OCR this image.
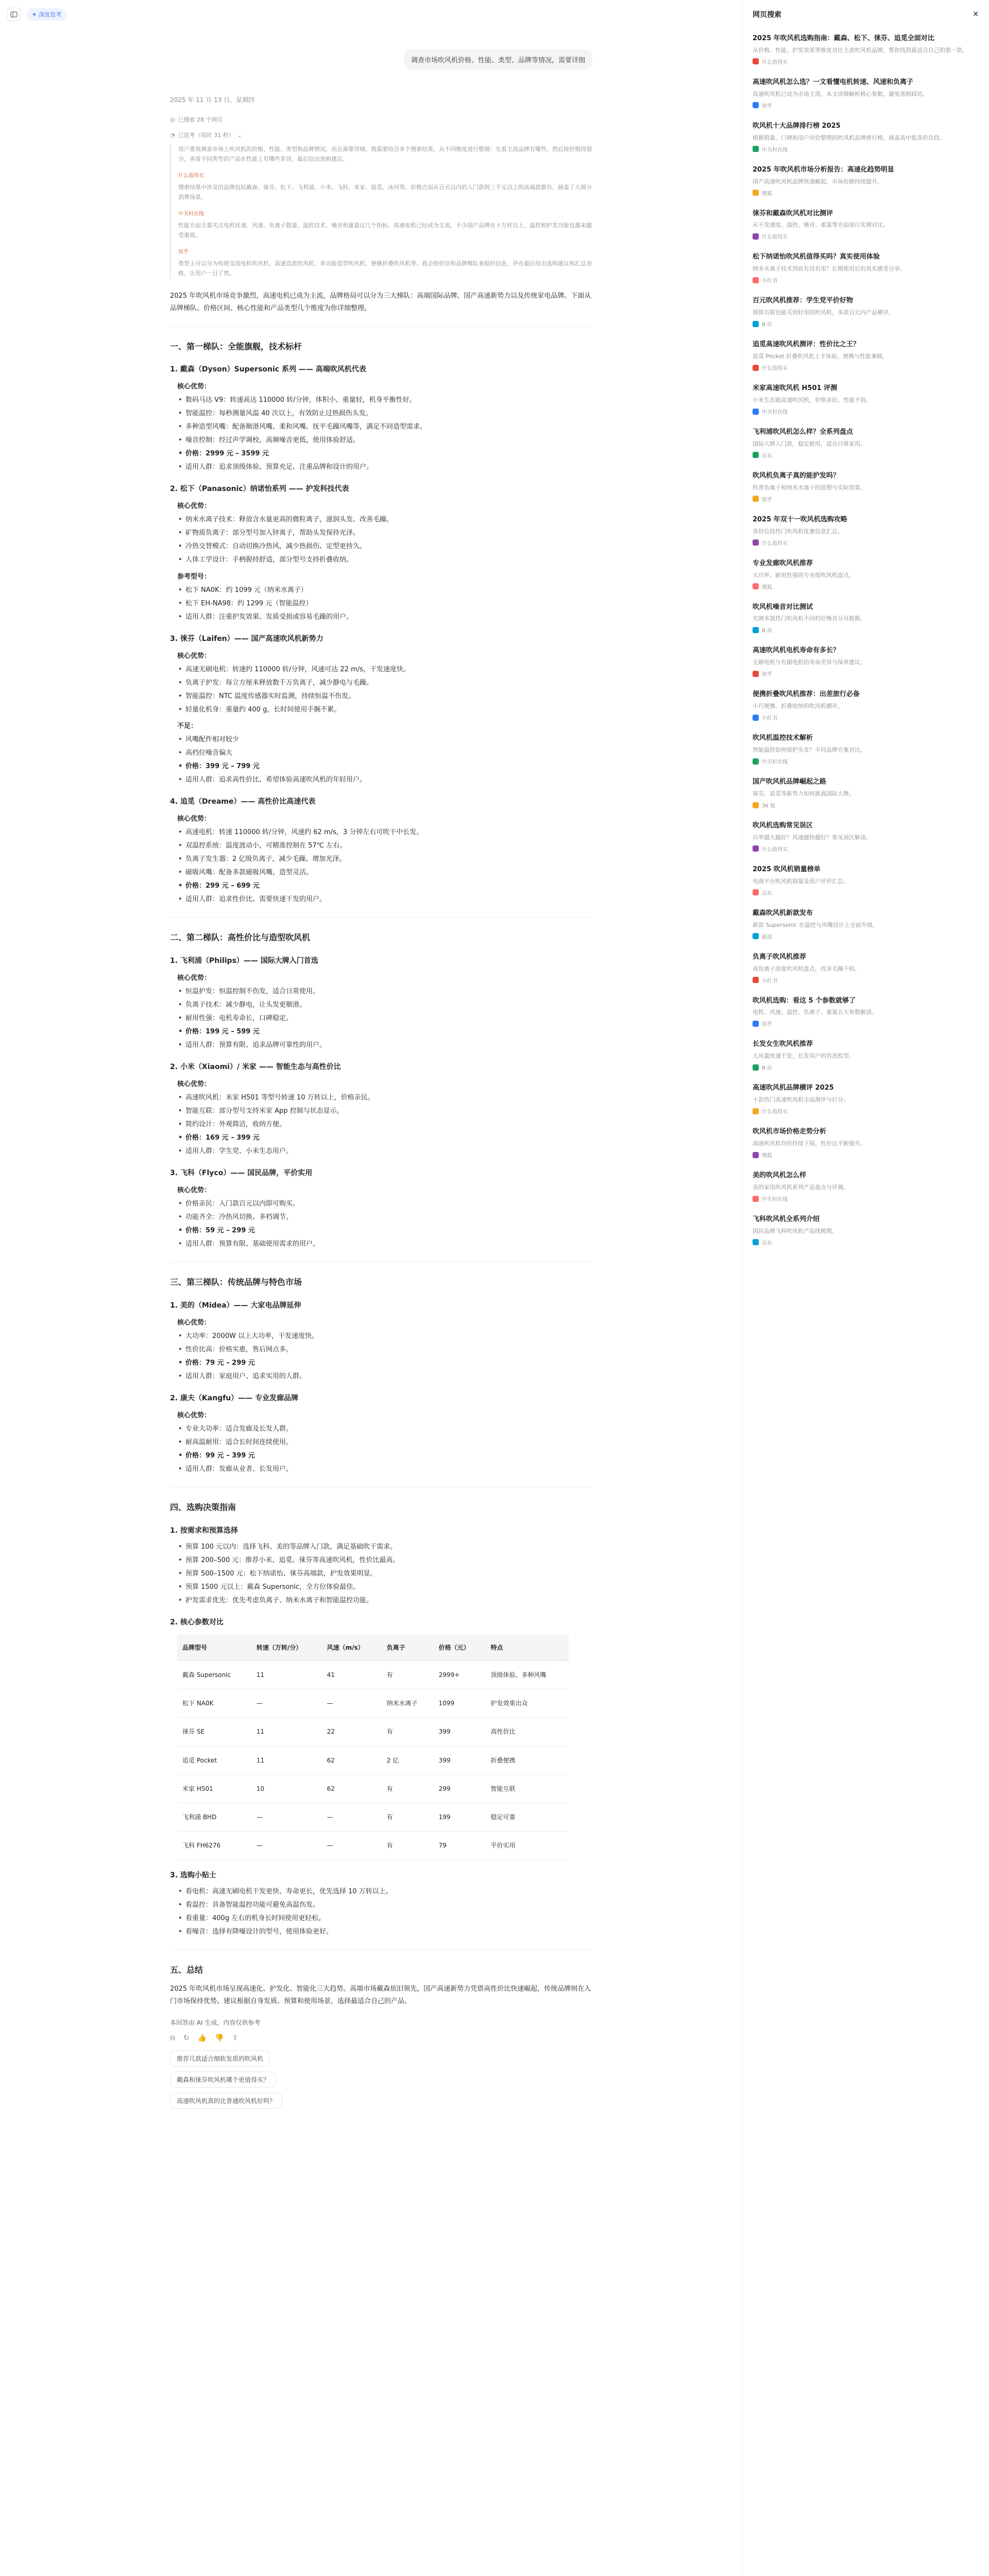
✦ 深度思考
调查市场吹风机价格、性能、类型、品牌等情况，需要详细
2025 年 11 月 13 日，星期四
◎ 已搜索 28 个网页
◔ 已思考（用时 31 秒） ⌄

用户要我调查市场上吹风机的价格、性能、类型和品牌情况，而且需要详细。我需要结合多个搜索结果，从不同维度进行整理：先看主流品牌有哪些，然后按价格段划分，再看不同类型的产品在性能上有哪些差异，最后给出选购建议。

什么值得买

搜索结果中涉及的品牌包括戴森、徕芬、松下、飞利浦、小米、飞科、米家、追觅、冰河等。价格方面从百元以内的入门款到三千元以上的高端款都有，涵盖了大部分消费场景。

中关村在线

性能方面主要关注电机转速、风速、负离子数量、温控技术、噪音和重量这几个指标。高速电机已经成为主流，不少国产品牌在十万转以上，温控和护发功能也越来越受重视。

知乎

类型上可以分为传统交流电机吹风机、高速直流吹风机、多功能造型吹风机、便携折叠吹风机等。我会按价位和品牌梯队来组织信息，并在最后给出选购建议和汇总表格，让用户一目了然。

2025 年吹风机市场竞争激烈，高速电机已成为主流，品牌格局可以分为三大梯队：高端国际品牌、国产高速新势力以及传统家电品牌。下面从品牌梯队、价格区间、核心性能和产品类型几个维度为你详细整理。

一、第一梯队：全能旗舰，技术标杆
1. 戴森（Dyson）Supersonic 系列 —— 高端吹风机代表
核心优势：
• 数码马达 V9：转速高达 110000 转/分钟，体积小、重量轻，机身平衡性好。
• 智能温控：每秒测量风温 40 次以上，有效防止过热损伤头发。
• 多种造型风嘴：配备顺滑风嘴、柔和风嘴、抚平毛躁风嘴等，满足不同造型需求。
• 噪音控制：经过声学调校，高频噪音更低，使用体验舒适。
• 价格：2999 元 – 3599 元
• 适用人群：追求顶级体验、预算充足、注重品牌和设计的用户。
2. 松下（Panasonic）纳诺怡系列 —— 护发科技代表
核心优势：
• 纳米水离子技术：释放含水量更高的微粒离子，滋润头发、改善毛躁。
• 矿物质负离子：部分型号加入锌离子，帮助头发保持光泽。
• 冷热交替模式：自动切换冷热风，减少热损伤、定型更持久。
• 人体工学设计：手柄握持舒适，部分型号支持折叠收纳。
参考型号：
• 松下 NA0K：约 1099 元（纳米水离子）
• 松下 EH-NA98：约 1299 元（智能温控）
• 适用人群：注重护发效果、发质受损或容易毛躁的用户。
3. 徕芬（Laifen）—— 国产高速吹风机新势力
核心优势：
• 高速无刷电机：转速约 110000 转/分钟，风速可达 22 m/s，干发速度快。
• 负离子护发：每立方厘米释放数千万负离子，减少静电与毛躁。
• 智能温控：NTC 温度传感器实时监测，持续恒温不伤发。
• 轻量化机身：重量约 400 g，长时间使用手腕不累。
不足：
• 风嘴配件相对较少
• 高档位噪音偏大
• 价格：399 元 – 799 元
• 适用人群：追求高性价比、希望体验高速吹风机的年轻用户。
4. 追觅（Dreame）—— 高性价比高速代表
核心优势：
• 高速电机：转速 110000 转/分钟，风速约 62 m/s，3 分钟左右可吹干中长发。
• 双温控系统：温度波动小，可精准控制在 57℃ 左右。
• 负离子发生器：2 亿级负离子，减少毛躁、增加光泽。
• 磁吸风嘴：配备多款磁吸风嘴，造型灵活。
• 价格：299 元 – 699 元
• 适用人群：追求性价比、需要快速干发的用户。
二、第二梯队：高性价比与造型吹风机
1. 飞利浦（Philips）—— 国际大牌入门首选
核心优势：
• 恒温护发：恒温控制不伤发，适合日常使用。
• 负离子技术：减少静电，让头发更顺滑。
• 耐用性强：电机寿命长，口碑稳定。
• 价格：199 元 – 599 元
• 适用人群：预算有限、追求品牌可靠性的用户。
2. 小米（Xiaomi）/ 米家 —— 智能生态与高性价比
核心优势：
• 高速吹风机：米家 H501 等型号转速 10 万转以上，价格亲民。
• 智能互联：部分型号支持米家 App 控制与状态显示。
• 简约设计：外观简洁，收纳方便。
• 价格：169 元 – 399 元
• 适用人群：学生党、小米生态用户。
3. 飞科（Flyco）—— 国民品牌，平价实用
核心优势：
• 价格亲民：入门款百元以内即可购买。
• 功能齐全：冷热风切换、多档调节。
• 价格：59 元 – 299 元
• 适用人群：预算有限、基础使用需求的用户。
三、第三梯队：传统品牌与特色市场
1. 美的（Midea）—— 大家电品牌延伸
核心优势：
• 大功率：2000W 以上大功率，干发速度快。
• 性价比高：价格实惠，售后网点多。
• 价格：79 元 – 299 元
• 适用人群：家庭用户、追求实用的人群。
2. 康夫（Kangfu）—— 专业发廊品牌
核心优势：
• 专业大功率：适合发廊及长发人群。
• 耐高温耐用：适合长时间连续使用。
• 价格：99 元 – 399 元
• 适用人群：发廊从业者、长发用户。
四、选购决策指南
1. 按需求和预算选择
• 预算 100 元以内：选择飞科、美的等品牌入门款，满足基础吹干需求。
• 预算 200–500 元：推荐小米、追觅、徕芬等高速吹风机，性价比最高。
• 预算 500–1500 元：松下纳诺怡、徕芬高端款，护发效果明显。
• 预算 1500 元以上：戴森 Supersonic，全方位体验最佳。
• 护发需求优先：优先考虑负离子、纳米水离子和智能温控功能。
2. 核心参数对比
品牌型号	转速（万转/分）	风速（m/s）	负离子	价格（元）	特点
戴森 Supersonic	11	41	有	2999+	顶级体验、多种风嘴
松下 NA0K	—	—	纳米水离子	1099	护发效果出众
徕芬 SE	11	22	有	399	高性价比
追觅 Pocket	11	62	2 亿	399	折叠便携
米家 H501	10	62	有	299	智能互联
飞利浦 BHD	—	—	有	199	稳定可靠
飞科 FH6276	—	—	有	79	平价实用
3. 选购小贴士
• 看电机：高速无刷电机干发更快、寿命更长，优先选择 10 万转以上。
• 看温控：具备智能温控功能可避免高温伤发。
• 看重量：400g 左右的机身长时间使用更轻松。
• 看噪音：选择有降噪设计的型号，使用体验更好。
五、总结

2025 年吹风机市场呈现高速化、护发化、智能化三大趋势。高端市场戴森依旧领先，国产高速新势力凭借高性价比快速崛起，传统品牌则在入门市场保持优势。建议根据自身发质、预算和使用场景，选择最适合自己的产品。

本回答由 AI 生成，内容仅供参考
⧉ ↻ 👍 👎 ⇪
推荐几款适合细软发质的吹风机
戴森和徕芬吹风机哪个更值得买？
高速吹风机真的比普通吹风机好吗？
网页搜索	✕
2025 年吹风机选购指南：戴森、松下、徕芬、追觅全面对比
从价格、性能、护发效果等维度对比主流吹风机品牌，帮你找到最适合自己的那一款。
什么值得买
高速吹风机怎么选？一文看懂电机转速、风速和负离子
高速吹风机已成为市场主流，本文详细解析核心参数，避免选购踩坑。
知乎
吹风机十大品牌排行榜 2025
根据销量、口碑和用户评价整理的吹风机品牌排行榜，涵盖高中低各价位段。
中关村在线
2025 年吹风机市场分析报告：高速化趋势明显
国产高速吹风机品牌快速崛起，市场份额持续提升。
搜狐
徕芬和戴森吹风机对比测评
从干发速度、温控、噪音、重量等方面进行实测对比。
什么值得买
松下纳诺怡吹风机值得买吗？真实使用体验
纳米水离子技术到底有没有用？长期使用后的真实感受分享。
小红书
百元吹风机推荐：学生党平价好物
预算有限也能买到好用的吹风机，多款百元内产品横评。
B 站
追觅高速吹风机测评：性价比之王？
追觅 Pocket 折叠吹风机上手体验，便携与性能兼顾。
什么值得买
米家高速吹风机 H501 评测
小米生态链高速吹风机，价格亲民、性能不俗。
中关村在线
飞利浦吹风机怎么样？全系列盘点
国际大牌入门款，稳定耐用，适合日常家用。
京东
吹风机负离子真的能护发吗？
科普负离子和纳米水离子的原理与实际效果。
知乎
2025 年双十一吹风机选购攻略
各价位段热门吹风机优惠信息汇总。
什么值得买
专业发廊吹风机推荐
大功率、耐用性强的专业级吹风机盘点。
搜狐
吹风机噪音对比测试
实测多款热门吹风机不同档位噪音分贝数据。
B 站
高速吹风机电机寿命有多长？
无刷电机与有刷电机的寿命差异与保养建议。
知乎
便携折叠吹风机推荐：出差旅行必备
小巧便携、折叠收纳的吹风机横评。
小红书
吹风机温控技术解析
智能温控如何保护头发？不同品牌方案对比。
中关村在线
国产吹风机品牌崛起之路
徕芬、追觅等新势力如何挑战国际大牌。
36 氪
吹风机选购常见误区
功率越大越好？风速越快越好？常见误区解读。
什么值得买
2025 吹风机销量榜单
电商平台吹风机销量及用户评价汇总。
京东
戴森吹风机新款发布
新款 Supersonic 在温控与风嘴设计上全面升级。
新浪
负离子吹风机推荐
高负离子浓度吹风机盘点，改善毛躁干枯。
小红书
吹风机选购：看这 5 个参数就够了
电机、风速、温控、负离子、重量五大参数解读。
知乎
长发女生吹风机推荐
大风量快速干发，长发用户的首选机型。
B 站
高速吹风机品牌横评 2025
十款热门高速吹风机全面测评与打分。
什么值得买
吹风机市场价格走势分析
高速吹风机均价持续下探，性价比不断提升。
搜狐
美的吹风机怎么样
美的家用吹风机系列产品盘点与评测。
中关村在线
飞科吹风机全系列介绍
国民品牌飞科吹风机产品线梳理。
京东
